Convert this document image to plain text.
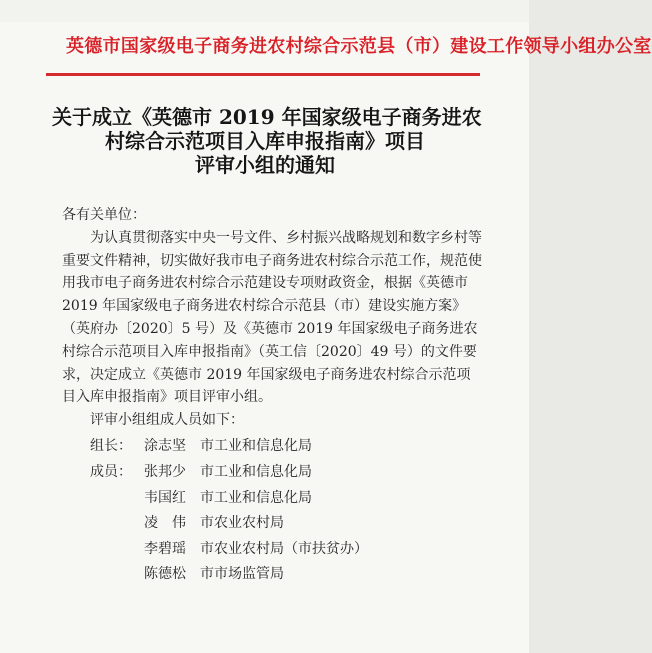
英德市国家级电子商务进农村综合示范县（市）建设工作领导小组办公室
关于成立《英德市 2019 年国家级电子商务进农
村综合示范项目入库申报指南》项目
评审小组的通知

各有关单位：

为认真贯彻落实中央一号文件、乡村振兴战略规划和数字乡村等重要文件精神，切实做好我市电子商务进农村综合示范工作，规范使用我市电子商务进农村综合示范建设专项财政资金，根据《英德市 2019 年国家级电子商务进农村综合示范县（市）建设实施方案》（英府办〔2020〕5 号）及《英德市 2019 年国家级电子商务进农村综合示范项目入库申报指南》（英工信〔2020〕49 号）的文件要求，决定成立《英德市 2019 年国家级电子商务进农村综合示范项目入库申报指南》项目评审小组。

评审小组组成人员如下：

组长： 涂志坚	市工业和信息化局
成员： 张邦少	市工业和信息化局
韦国红	市工业和信息化局
凌　伟	市农业农村局
李碧瑶	市农业农村局（市扶贫办）
陈德松	市市场监管局
